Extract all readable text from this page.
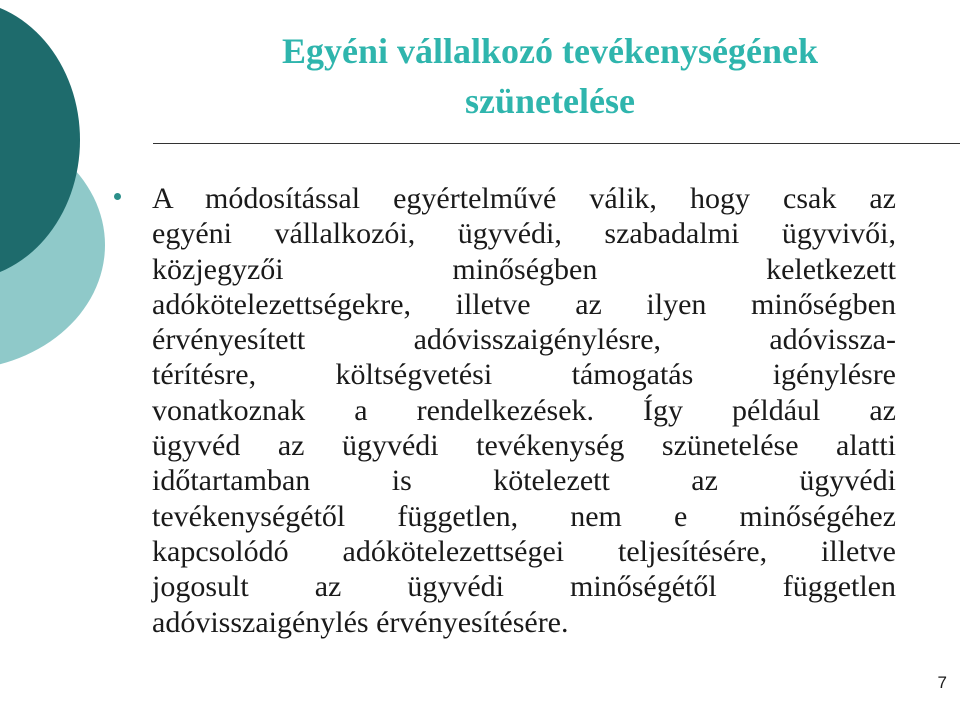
Egyéni vállalkozó tevékenységének
szünetelése
A módosítással egyértelművé válik, hogy csak az
egyéni vállalkozói, ügyvédi, szabadalmi ügyvivői,
közjegyzői minőségben keletkezett
adókötelezettségekre, illetve az ilyen minőségben
érvényesített adóvisszaigénylésre, adóvissza-
térítésre, költségvetési támogatás igénylésre
vonatkoznak a rendelkezések. Így például az
ügyvéd az ügyvédi tevékenység szünetelése alatti
időtartamban is kötelezett az ügyvédi
tevékenységétől független, nem e minőségéhez
kapcsolódó adókötelezettségei teljesítésére, illetve
jogosult az ügyvédi minőségétől független
adóvisszaigénylés érvényesítésére.
7
